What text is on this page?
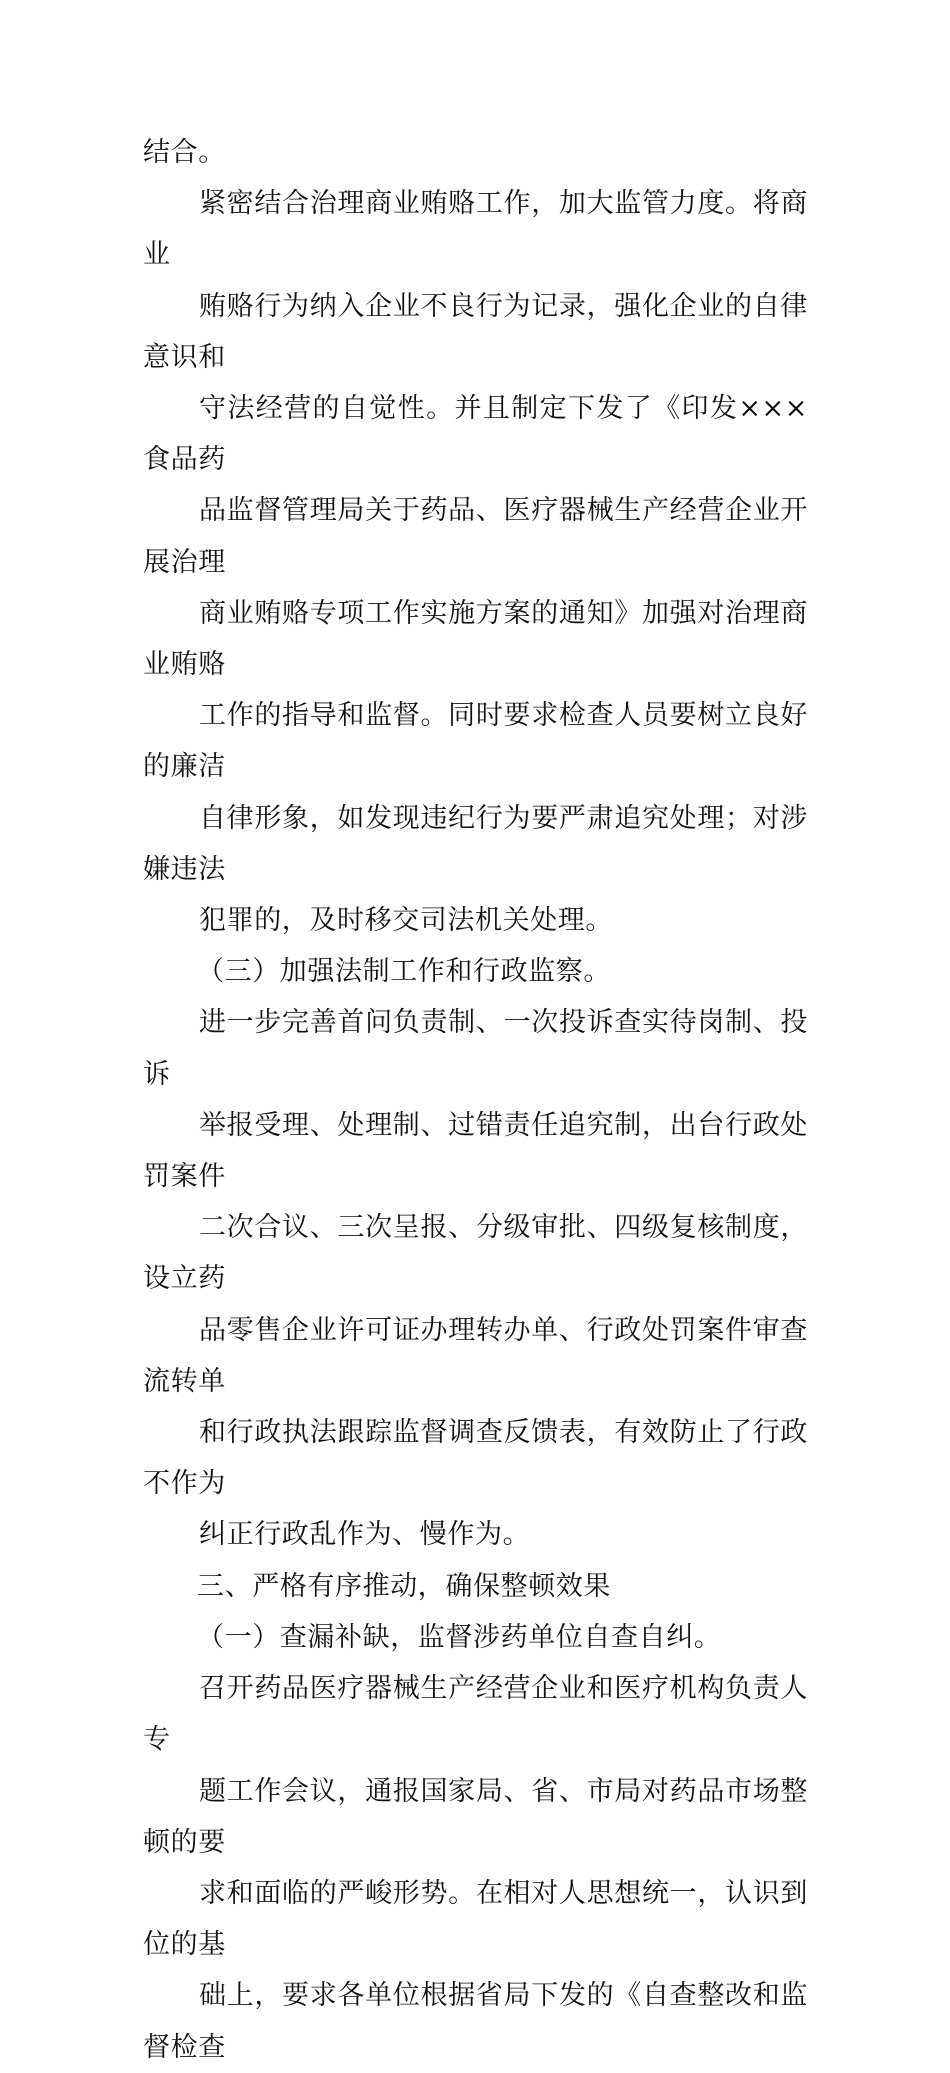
结合。

紧密结合治理商业贿赂工作，加大监管力度。将商业
贿赂行为纳入企业不良行为记录，强化企业的自律意识和
守法经营的自觉性。并且制定下发了《印发×××食品药
品监督管理局关于药品、医疗器械生产经营企业开展治理
商业贿赂专项工作实施方案的通知》加强对治理商业贿赂
工作的指导和监督。同时要求检查人员要树立良好的廉洁
自律形象，如发现违纪行为要严肃追究处理；对涉嫌违法
犯罪的，及时移交司法机关处理。

（三）加强法制工作和行政监察。

进一步完善首问负责制、一次投诉查实待岗制、投诉
举报受理、处理制、过错责任追究制，出台行政处罚案件
二次合议、三次呈报、分级审批、四级复核制度，设立药
品零售企业许可证办理转办单、行政处罚案件审查流转单
和行政执法跟踪监督调查反馈表，有效防止了行政不作为
纠正行政乱作为、慢作为。

三、严格有序推动，确保整顿效果

（一）查漏补缺，监督涉药单位自查自纠。

召开药品医疗器械生产经营企业和医疗机构负责人专
题工作会议，通报国家局、省、市局对药品市场整顿的要
求和面临的严峻形势。在相对人思想统一，认识到位的基
础上，要求各单位根据省局下发的《自查整改和监督检查
